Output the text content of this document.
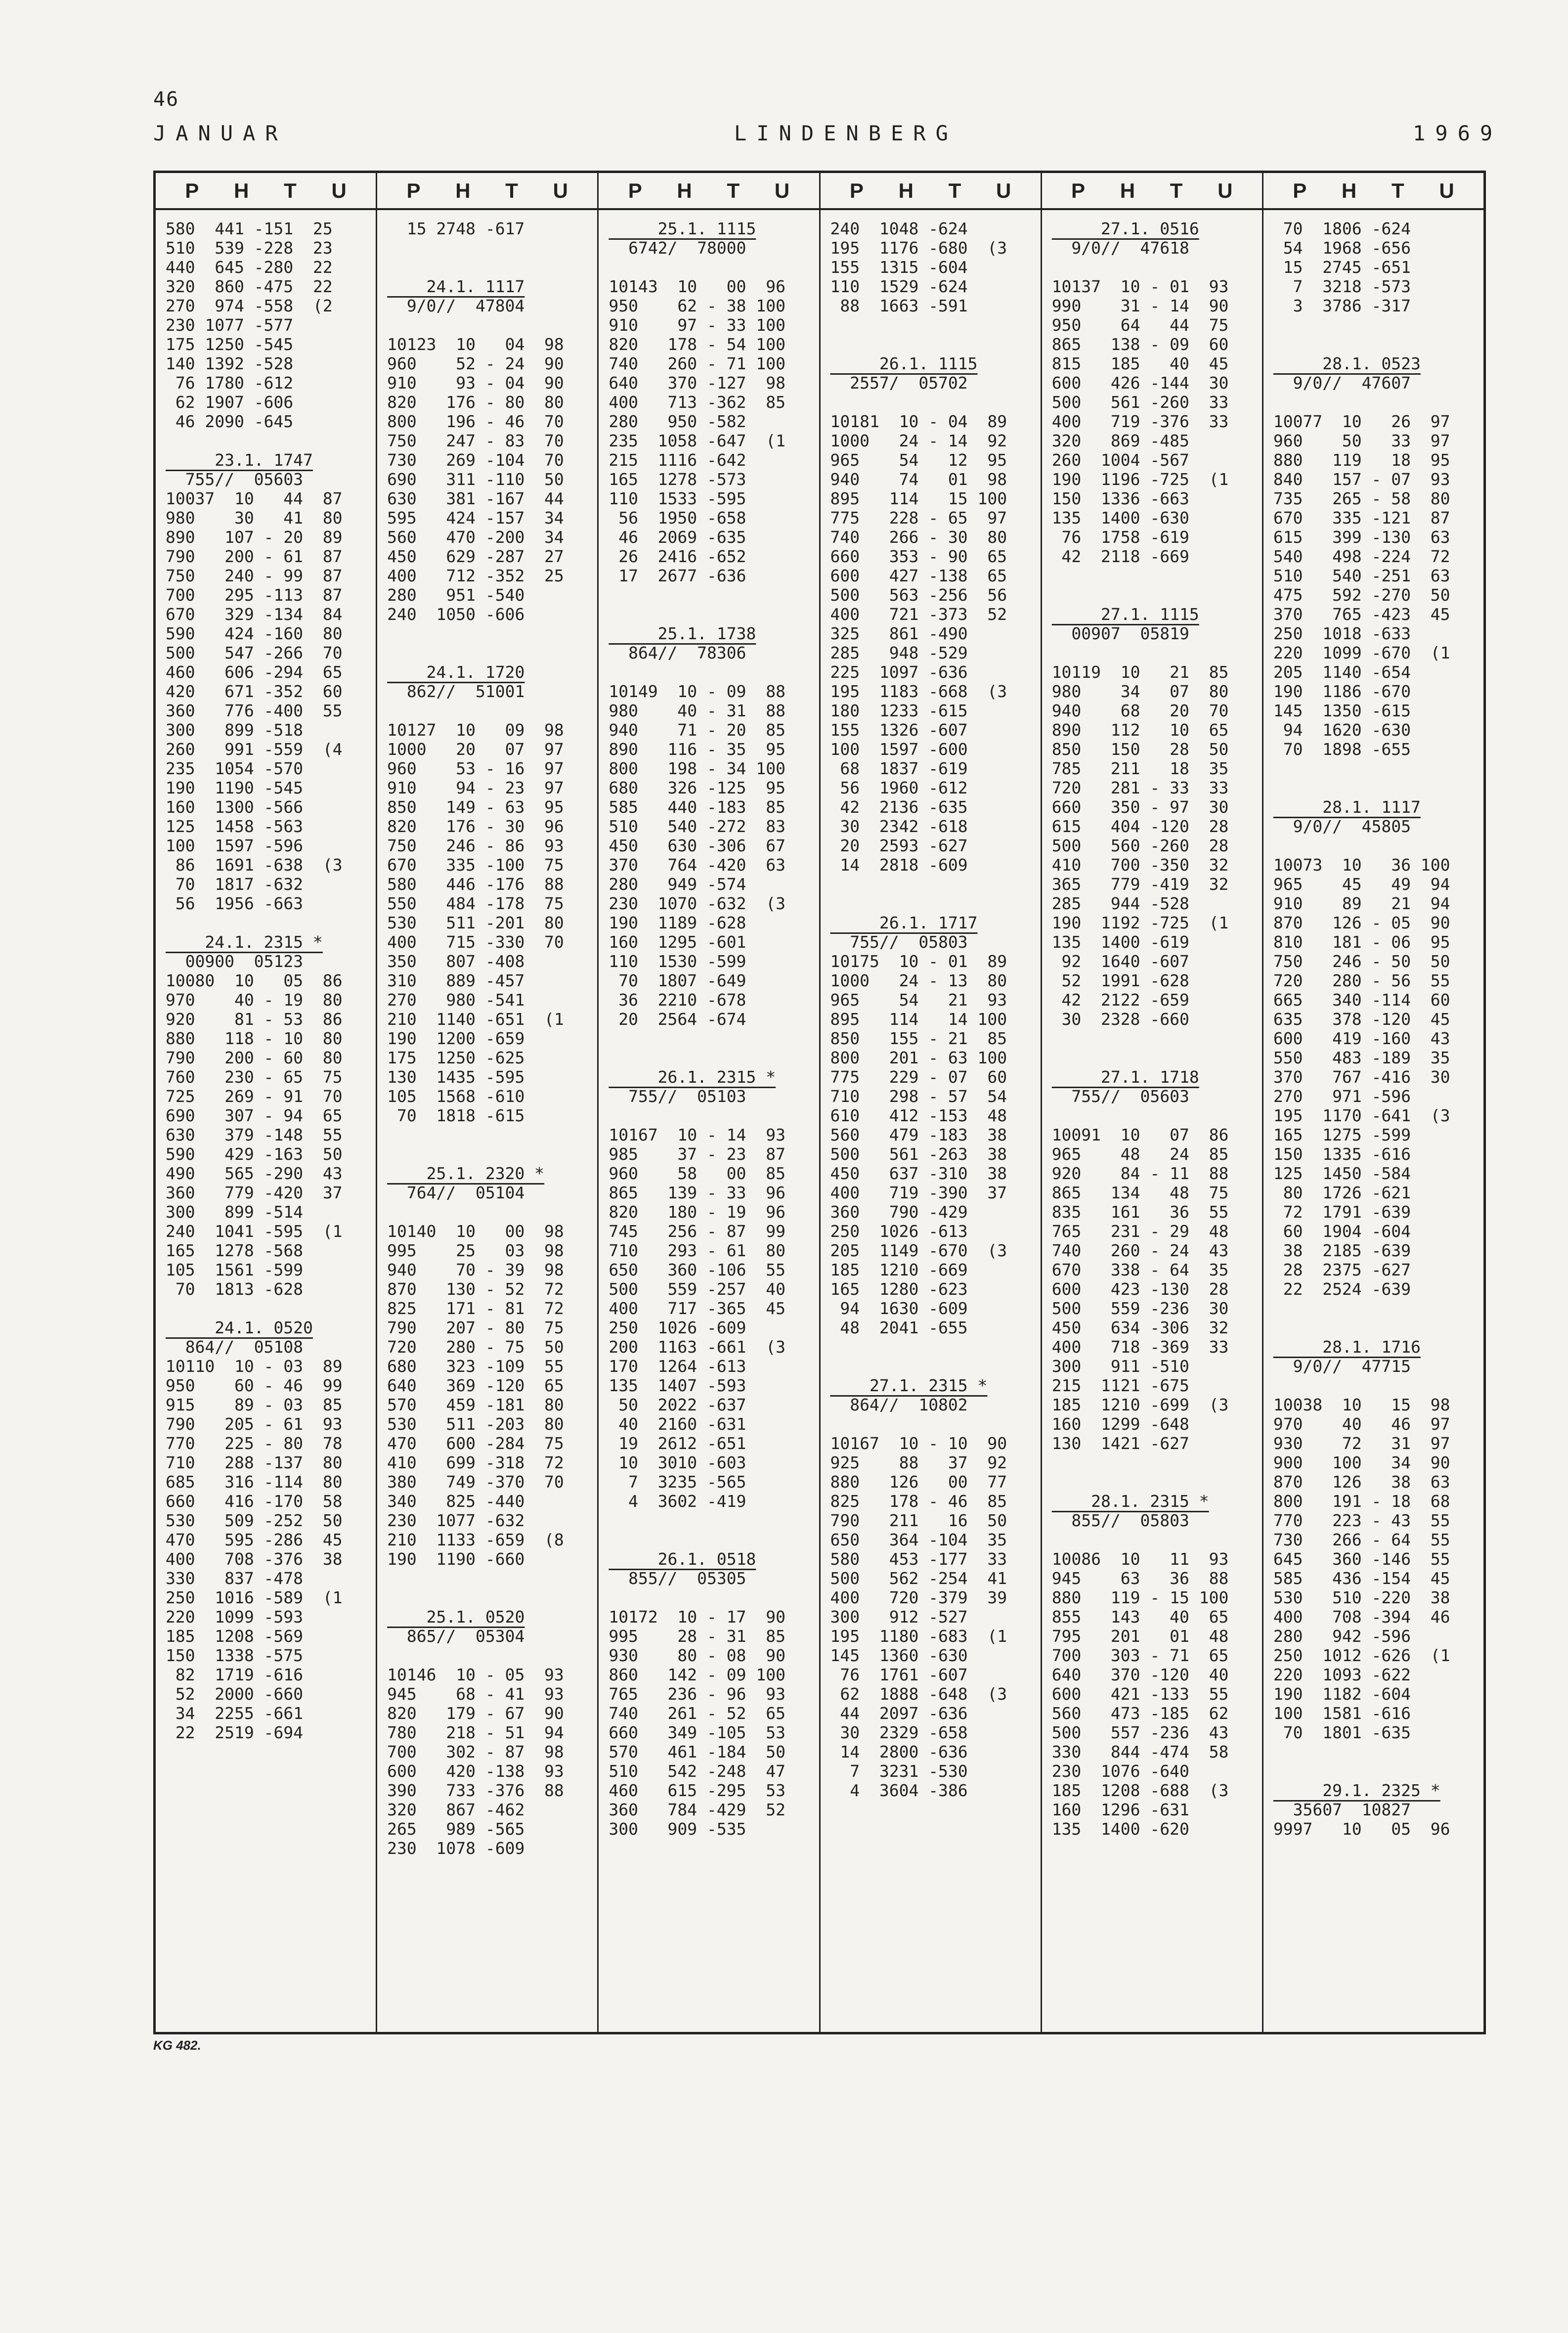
46
JANUAR	LINDENBERG	1969
P H T U
580  441 -151  25
510  539 -228  23
440  645 -280  22
320  860 -475  22
270  974 -558  (2
230 1077 -577
175 1250 -545
140 1392 -528
76 1780 -612
62 1907 -606
46 2090 -645
23.1. 1747
755//  05603
10037  10   44  87
980    30   41  80
890   107 - 20  89
790   200 - 61  87
750   240 - 99  87
700   295 -113  87
670   329 -134  84
590   424 -160  80
500   547 -266  70
460   606 -294  65
420   671 -352  60
360   776 -400  55
300   899 -518
260   991 -559  (4
235  1054 -570
190  1190 -545
160  1300 -566
125  1458 -563
100  1597 -596
86  1691 -638  (3
70  1817 -632
56  1956 -663
24.1. 2315 *
00900  05123
10080  10   05  86
970    40 - 19  80
920    81 - 53  86
880   118 - 10  80
790   200 - 60  80
760   230 - 65  75
725   269 - 91  70
690   307 - 94  65
630   379 -148  55
590   429 -163  50
490   565 -290  43
360   779 -420  37
300   899 -514
240  1041 -595  (1
165  1278 -568
105  1561 -599
70  1813 -628
24.1. 0520
864//  05108
10110  10 - 03  89
950    60 - 46  99
915    89 - 03  85
790   205 - 61  93
770   225 - 80  78
710   288 -137  80
685   316 -114  80
660   416 -170  58
530   509 -252  50
470   595 -286  45
400   708 -376  38
330   837 -478
250  1016 -589  (1
220  1099 -593
185  1208 -569
150  1338 -575
82  1719 -616
52  2000 -660
34  2255 -661
22  2519 -694
P H T U
15 2748 -617
24.1. 1117
9/0//  47804
10123  10   04  98
960    52 - 24  90
910    93 - 04  90
820   176 - 80  80
800   196 - 46  70
750   247 - 83  70
730   269 -104  70
690   311 -110  50
630   381 -167  44
595   424 -157  34
560   470 -200  34
450   629 -287  27
400   712 -352  25
280   951 -540
240  1050 -606
24.1. 1720
862//  51001
10127  10   09  98
1000   20   07  97
960    53 - 16  97
910    94 - 23  97
850   149 - 63  95
820   176 - 30  96
750   246 - 86  93
670   335 -100  75
580   446 -176  88
550   484 -178  75
530   511 -201  80
400   715 -330  70
350   807 -408
310   889 -457
270   980 -541
210  1140 -651  (1
190  1200 -659
175  1250 -625
130  1435 -595
105  1568 -610
70  1818 -615
25.1. 2320 *
764//  05104
10140  10   00  98
995    25   03  98
940    70 - 39  98
870   130 - 52  72
825   171 - 81  72
790   207 - 80  75
720   280 - 75  50
680   323 -109  55
640   369 -120  65
570   459 -181  80
530   511 -203  80
470   600 -284  75
410   699 -318  72
380   749 -370  70
340   825 -440
230  1077 -632
210  1133 -659  (8
190  1190 -660
25.1. 0520
865//  05304
10146  10 - 05  93
945    68 - 41  93
820   179 - 67  90
780   218 - 51  94
700   302 - 87  98
600   420 -138  93
390   733 -376  88
320   867 -462
265   989 -565
230  1078 -609
P H T U
25.1. 1115
6742/  78000
10143  10   00  96
950    62 - 38 100
910    97 - 33 100
820   178 - 54 100
740   260 - 71 100
640   370 -127  98
400   713 -362  85
280   950 -582
235  1058 -647  (1
215  1116 -642
165  1278 -573
110  1533 -595
56  1950 -658
46  2069 -635
26  2416 -652
17  2677 -636
25.1. 1738
864//  78306
10149  10 - 09  88
980    40 - 31  88
940    71 - 20  85
890   116 - 35  95
800   198 - 34 100
680   326 -125  95
585   440 -183  85
510   540 -272  83
450   630 -306  67
370   764 -420  63
280   949 -574
230  1070 -632  (3
190  1189 -628
160  1295 -601
110  1530 -599
70  1807 -649
36  2210 -678
20  2564 -674
26.1. 2315 *
755//  05103
10167  10 - 14  93
985    37 - 23  87
960    58   00  85
865   139 - 33  96
820   180 - 19  96
745   256 - 87  99
710   293 - 61  80
650   360 -106  55
500   559 -257  40
400   717 -365  45
250  1026 -609
200  1163 -661  (3
170  1264 -613
135  1407 -593
50  2022 -637
40  2160 -631
19  2612 -651
10  3010 -603
7  3235 -565
4  3602 -419
26.1. 0518
855//  05305
10172  10 - 17  90
995    28 - 31  85
930    80 - 08  90
860   142 - 09 100
765   236 - 96  93
740   261 - 52  65
660   349 -105  53
570   461 -184  50
510   542 -248  47
460   615 -295  53
360   784 -429  52
300   909 -535
P H T U
240  1048 -624
195  1176 -680  (3
155  1315 -604
110  1529 -624
88  1663 -591
26.1. 1115
2557/  05702
10181  10 - 04  89
1000   24 - 14  92
965    54   12  95
940    74   01  98
895   114   15 100
775   228 - 65  97
740   266 - 30  80
660   353 - 90  65
600   427 -138  65
500   563 -256  56
400   721 -373  52
325   861 -490
285   948 -529
225  1097 -636
195  1183 -668  (3
180  1233 -615
155  1326 -607
100  1597 -600
68  1837 -619
56  1960 -612
42  2136 -635
30  2342 -618
20  2593 -627
14  2818 -609
26.1. 1717
755//  05803
10175  10 - 01  89
1000   24 - 13  80
965    54   21  93
895   114   14 100
850   155 - 21  85
800   201 - 63 100
775   229 - 07  60
710   298 - 57  54
610   412 -153  48
560   479 -183  38
500   561 -263  38
450   637 -310  38
400   719 -390  37
360   790 -429
250  1026 -613
205  1149 -670  (3
185  1210 -669
165  1280 -623
94  1630 -609
48  2041 -655
27.1. 2315 *
864//  10802
10167  10 - 10  90
925    88   37  92
880   126   00  77
825   178 - 46  85
790   211   16  50
650   364 -104  35
580   453 -177  33
500   562 -254  41
400   720 -379  39
300   912 -527
195  1180 -683  (1
145  1360 -630
76  1761 -607
62  1888 -648  (3
44  2097 -636
30  2329 -658
14  2800 -636
7  3231 -530
4  3604 -386
P H T U
27.1. 0516
9/0//  47618
10137  10 - 01  93
990    31 - 14  90
950    64   44  75
865   138 - 09  60
815   185   40  45
600   426 -144  30
500   561 -260  33
400   719 -376  33
320   869 -485
260  1004 -567
190  1196 -725  (1
150  1336 -663
135  1400 -630
76  1758 -619
42  2118 -669
27.1. 1115
00907  05819
10119  10   21  85
980    34   07  80
940    68   20  70
890   112   10  65
850   150   28  50
785   211   18  35
720   281 - 33  33
660   350 - 97  30
615   404 -120  28
500   560 -260  28
410   700 -350  32
365   779 -419  32
285   944 -528
190  1192 -725  (1
135  1400 -619
92  1640 -607
52  1991 -628
42  2122 -659
30  2328 -660
27.1. 1718
755//  05603
10091  10   07  86
965    48   24  85
920    84 - 11  88
865   134   48  75
835   161   36  55
765   231 - 29  48
740   260 - 24  43
670   338 - 64  35
600   423 -130  28
500   559 -236  30
450   634 -306  32
400   718 -369  33
300   911 -510
215  1121 -675
185  1210 -699  (3
160  1299 -648
130  1421 -627
28.1. 2315 *
855//  05803
10086  10   11  93
945    63   36  88
880   119 - 15 100
855   143   40  65
795   201   01  48
700   303 - 71  65
640   370 -120  40
600   421 -133  55
560   473 -185  62
500   557 -236  43
330   844 -474  58
230  1076 -640
185  1208 -688  (3
160  1296 -631
135  1400 -620
P H T U
70  1806 -624
54  1968 -656
15  2745 -651
7  3218 -573
3  3786 -317
28.1. 0523
9/0//  47607
10077  10   26  97
960    50   33  97
880   119   18  95
840   157 - 07  93
735   265 - 58  80
670   335 -121  87
615   399 -130  63
540   498 -224  72
510   540 -251  63
475   592 -270  50
370   765 -423  45
250  1018 -633
220  1099 -670  (1
205  1140 -654
190  1186 -670
145  1350 -615
94  1620 -630
70  1898 -655
28.1. 1117
9/0//  45805
10073  10   36 100
965    45   49  94
910    89   21  94
870   126 - 05  90
810   181 - 06  95
750   246 - 50  50
720   280 - 56  55
665   340 -114  60
635   378 -120  45
600   419 -160  43
550   483 -189  35
370   767 -416  30
270   971 -596
195  1170 -641  (3
165  1275 -599
150  1335 -616
125  1450 -584
80  1726 -621
72  1791 -639
60  1904 -604
38  2185 -639
28  2375 -627
22  2524 -639
28.1. 1716
9/0//  47715
10038  10   15  98
970    40   46  97
930    72   31  97
900   100   34  90
870   126   38  63
800   191 - 18  68
770   223 - 43  55
730   266 - 64  55
645   360 -146  55
585   436 -154  45
530   510 -220  38
400   708 -394  46
280   942 -596
250  1012 -626  (1
220  1093 -622
190  1182 -604
100  1581 -616
70  1801 -635
29.1. 2325 *
35607  10827
9997   10   05  96
KG 482.
